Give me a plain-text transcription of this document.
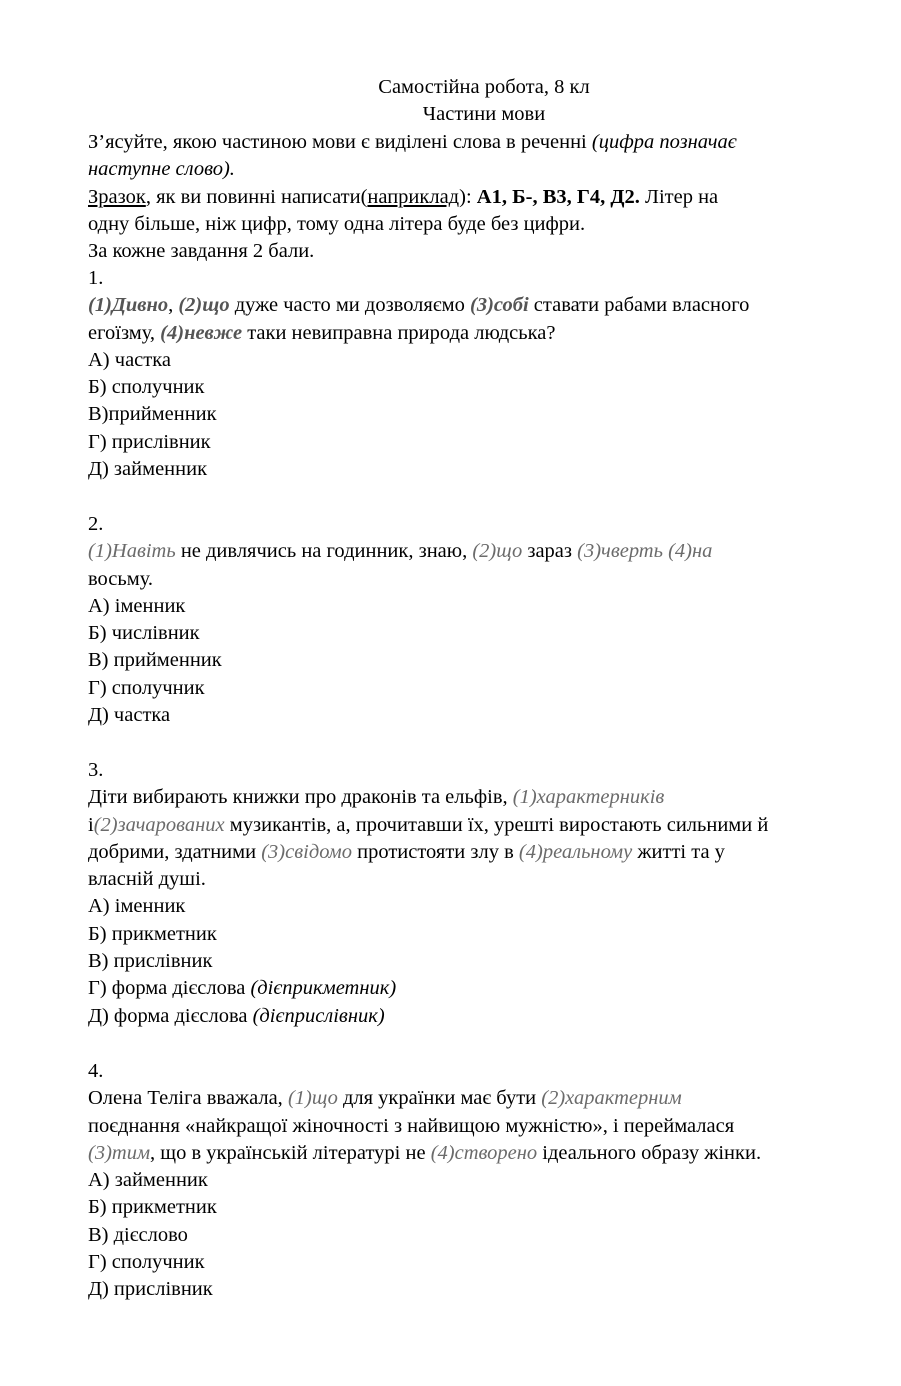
Самостійна робота, 8 кл
Частини мови
З’ясуйте, якою частиною мови є виділені слова в реченні (цифра позначає
наступне слово).
Зразок, як ви повинні написати(наприклад): А1, Б-, В3, Г4, Д2. Літер на
одну більше, ніж цифр, тому одна літера буде без цифри.
За кожне завдання 2 бали.
1.
(1)Дивно, (2)що дуже часто ми дозволяємо (3)собі ставати рабами власного
егоїзму, (4)невже таки невиправна природа людська?
А) частка
Б) сполучник
В)прийменник
Г) прислівник
Д) займенник
2.
(1)Навіть не дивлячись на годинник, знаю, (2)що зараз (3)чверть (4)на
восьму.
А) іменник
Б) числівник
В) прийменник
Г) сполучник
Д) частка
3.
Діти вибирають книжки про драконів та ельфів, (1)характерників
і(2)зачарованих музикантів, а, прочитавши їх, урешті виростають сильними й
добрими, здатними (3)свідомо протистояти злу в (4)реальному житті та у
власній душі.
А) іменник
Б) прикметник
В) прислівник
Г) форма дієслова (дієприкметник)
Д) форма дієслова (дієприслівник)
4.
Олена Теліга вважала, (1)що для українки має бути (2)характерним
поєднання «найкращої жіночності з найвищою мужністю», і переймалася
(3)тим, що в українській літературі не (4)створено ідеального образу жінки.
А) займенник
Б) прикметник
В) дієслово
Г) сполучник
Д) прислівник
